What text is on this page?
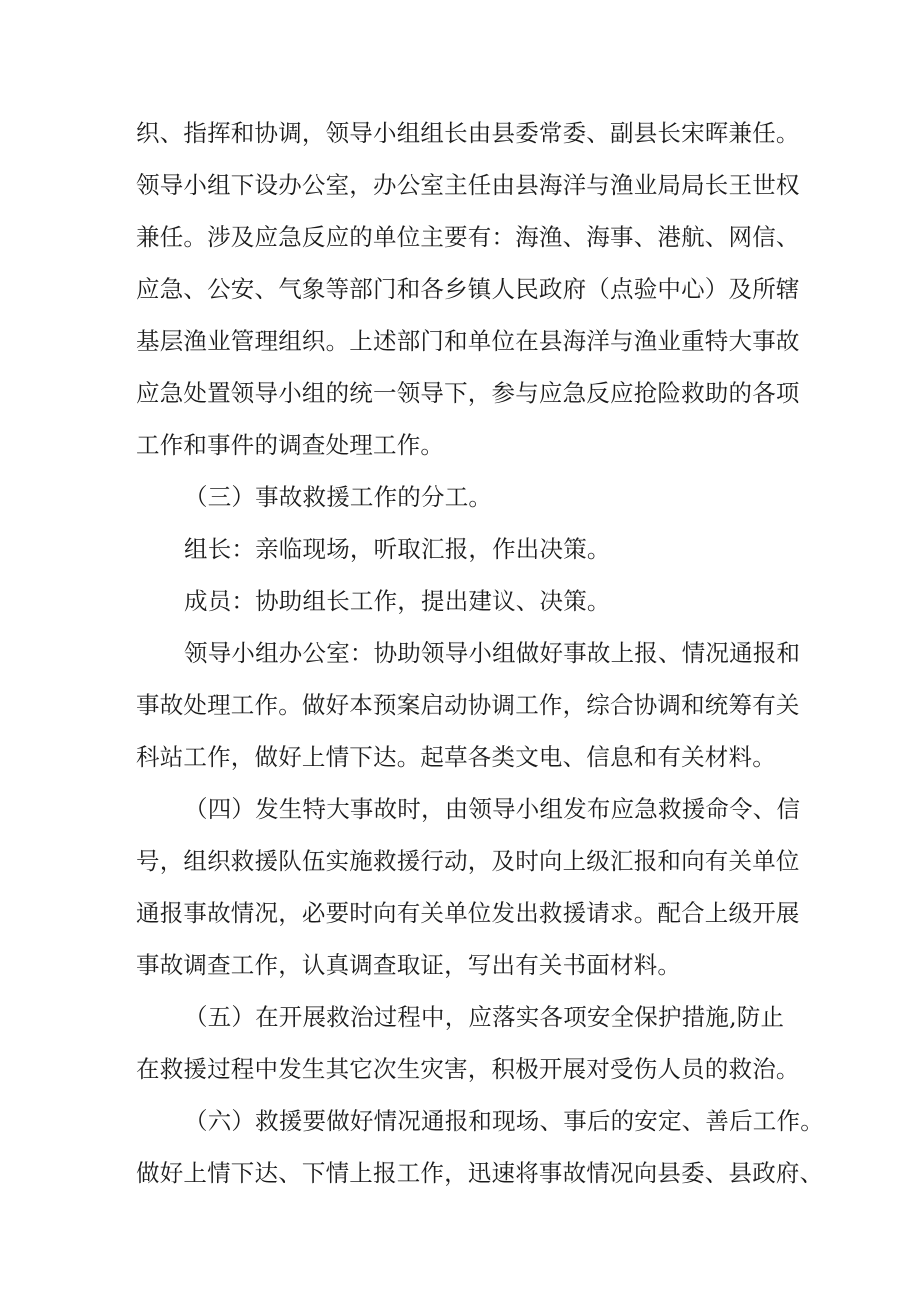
织、指挥和协调，领导小组组长由县委常委、副县长宋晖兼任。
领导小组下设办公室，办公室主任由县海洋与渔业局局长王世权
兼任。涉及应急反应的单位主要有：海渔、海事、港航、网信、
应急、公安、气象等部门和各乡镇人民政府（点验中心）及所辖
基层渔业管理组织。上述部门和单位在县海洋与渔业重特大事故
应急处置领导小组的统一领导下，参与应急反应抢险救助的各项
工作和事件的调查处理工作。
（三）事故救援工作的分工。
组长：亲临现场，听取汇报，作出决策。
成员：协助组长工作，提出建议、决策。
领导小组办公室：协助领导小组做好事故上报、情况通报和
事故处理工作。做好本预案启动协调工作，综合协调和统筹有关
科站工作，做好上情下达。起草各类文电、信息和有关材料。
（四）发生特大事故时，由领导小组发布应急救援命令、信
号，组织救援队伍实施救援行动，及时向上级汇报和向有关单位
通报事故情况，必要时向有关单位发出救援请求。配合上级开展
事故调查工作，认真调查取证，写出有关书面材料。
（五）在开展救治过程中，应落实各项安全保护措施,防止
在救援过程中发生其它次生灾害，积极开展对受伤人员的救治。
（六）救援要做好情况通报和现场、事后的安定、善后工作。
做好上情下达、下情上报工作，迅速将事故情况向县委、县政府、
